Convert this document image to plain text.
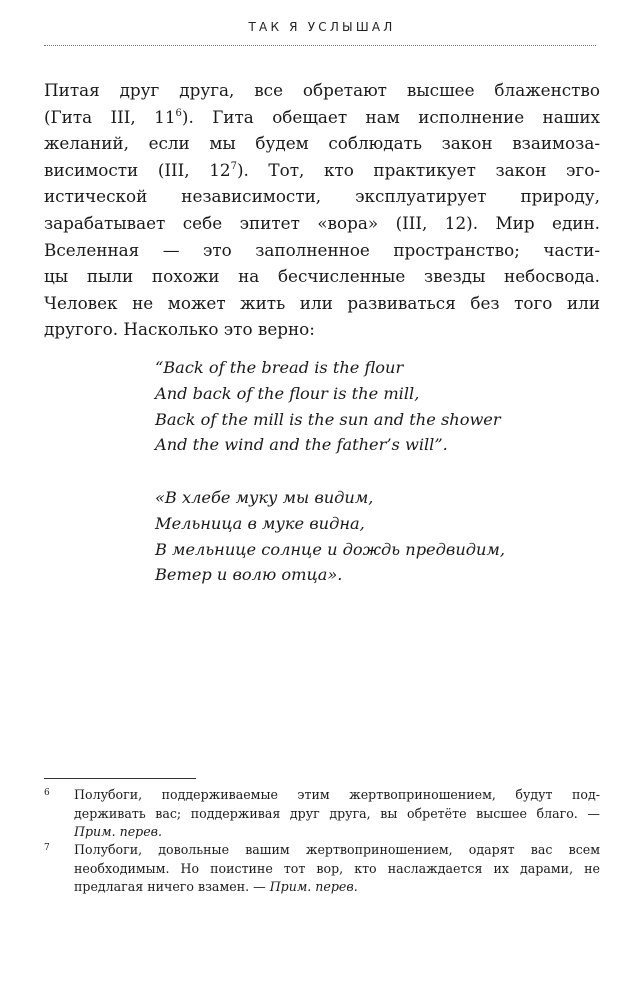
ТАК Я УСЛЫШАЛ
Питая друг друга, все обретают высшее блаженство
(Гита III, $11^6$). Гита обещает нам исполнение наших
желаний, если мы будем соблюдать закон взаимоза-
висимости (III, $12^7$). Тот, кто практикует закон эго-
истической независимости, эксплуатирует природу,
зарабатывает себе эпитет «вора» (III, 12). Мир един.
Вселенная — это заполненное пространство; части-
цы пыли похожи на бесчисленные звезды небосвода.
Человек не может жить или развиваться без того или
другого. Насколько это верно:
“Back of the bread is the flour
And back of the flour is the mill,
Back of the mill is the sun and the shower
And the wind and the father’s will”.
«В хлебе муку мы видим,
Мельница в муке видна,
В мельнице солнце и дождь предвидим,
Ветер и волю отца».
6 Полубоги, поддерживаемые этим жертвоприношением, будут под-
держивать вас; поддерживая друг друга, вы обретёте высшее благо. —
Прим. перев.
7 Полубоги, довольные вашим жертвоприношением, одарят вас всем
необходимым. Но поистине тот вор, кто наслаждается их дарами, не
предлагая ничего взамен. — Прим. перев.
